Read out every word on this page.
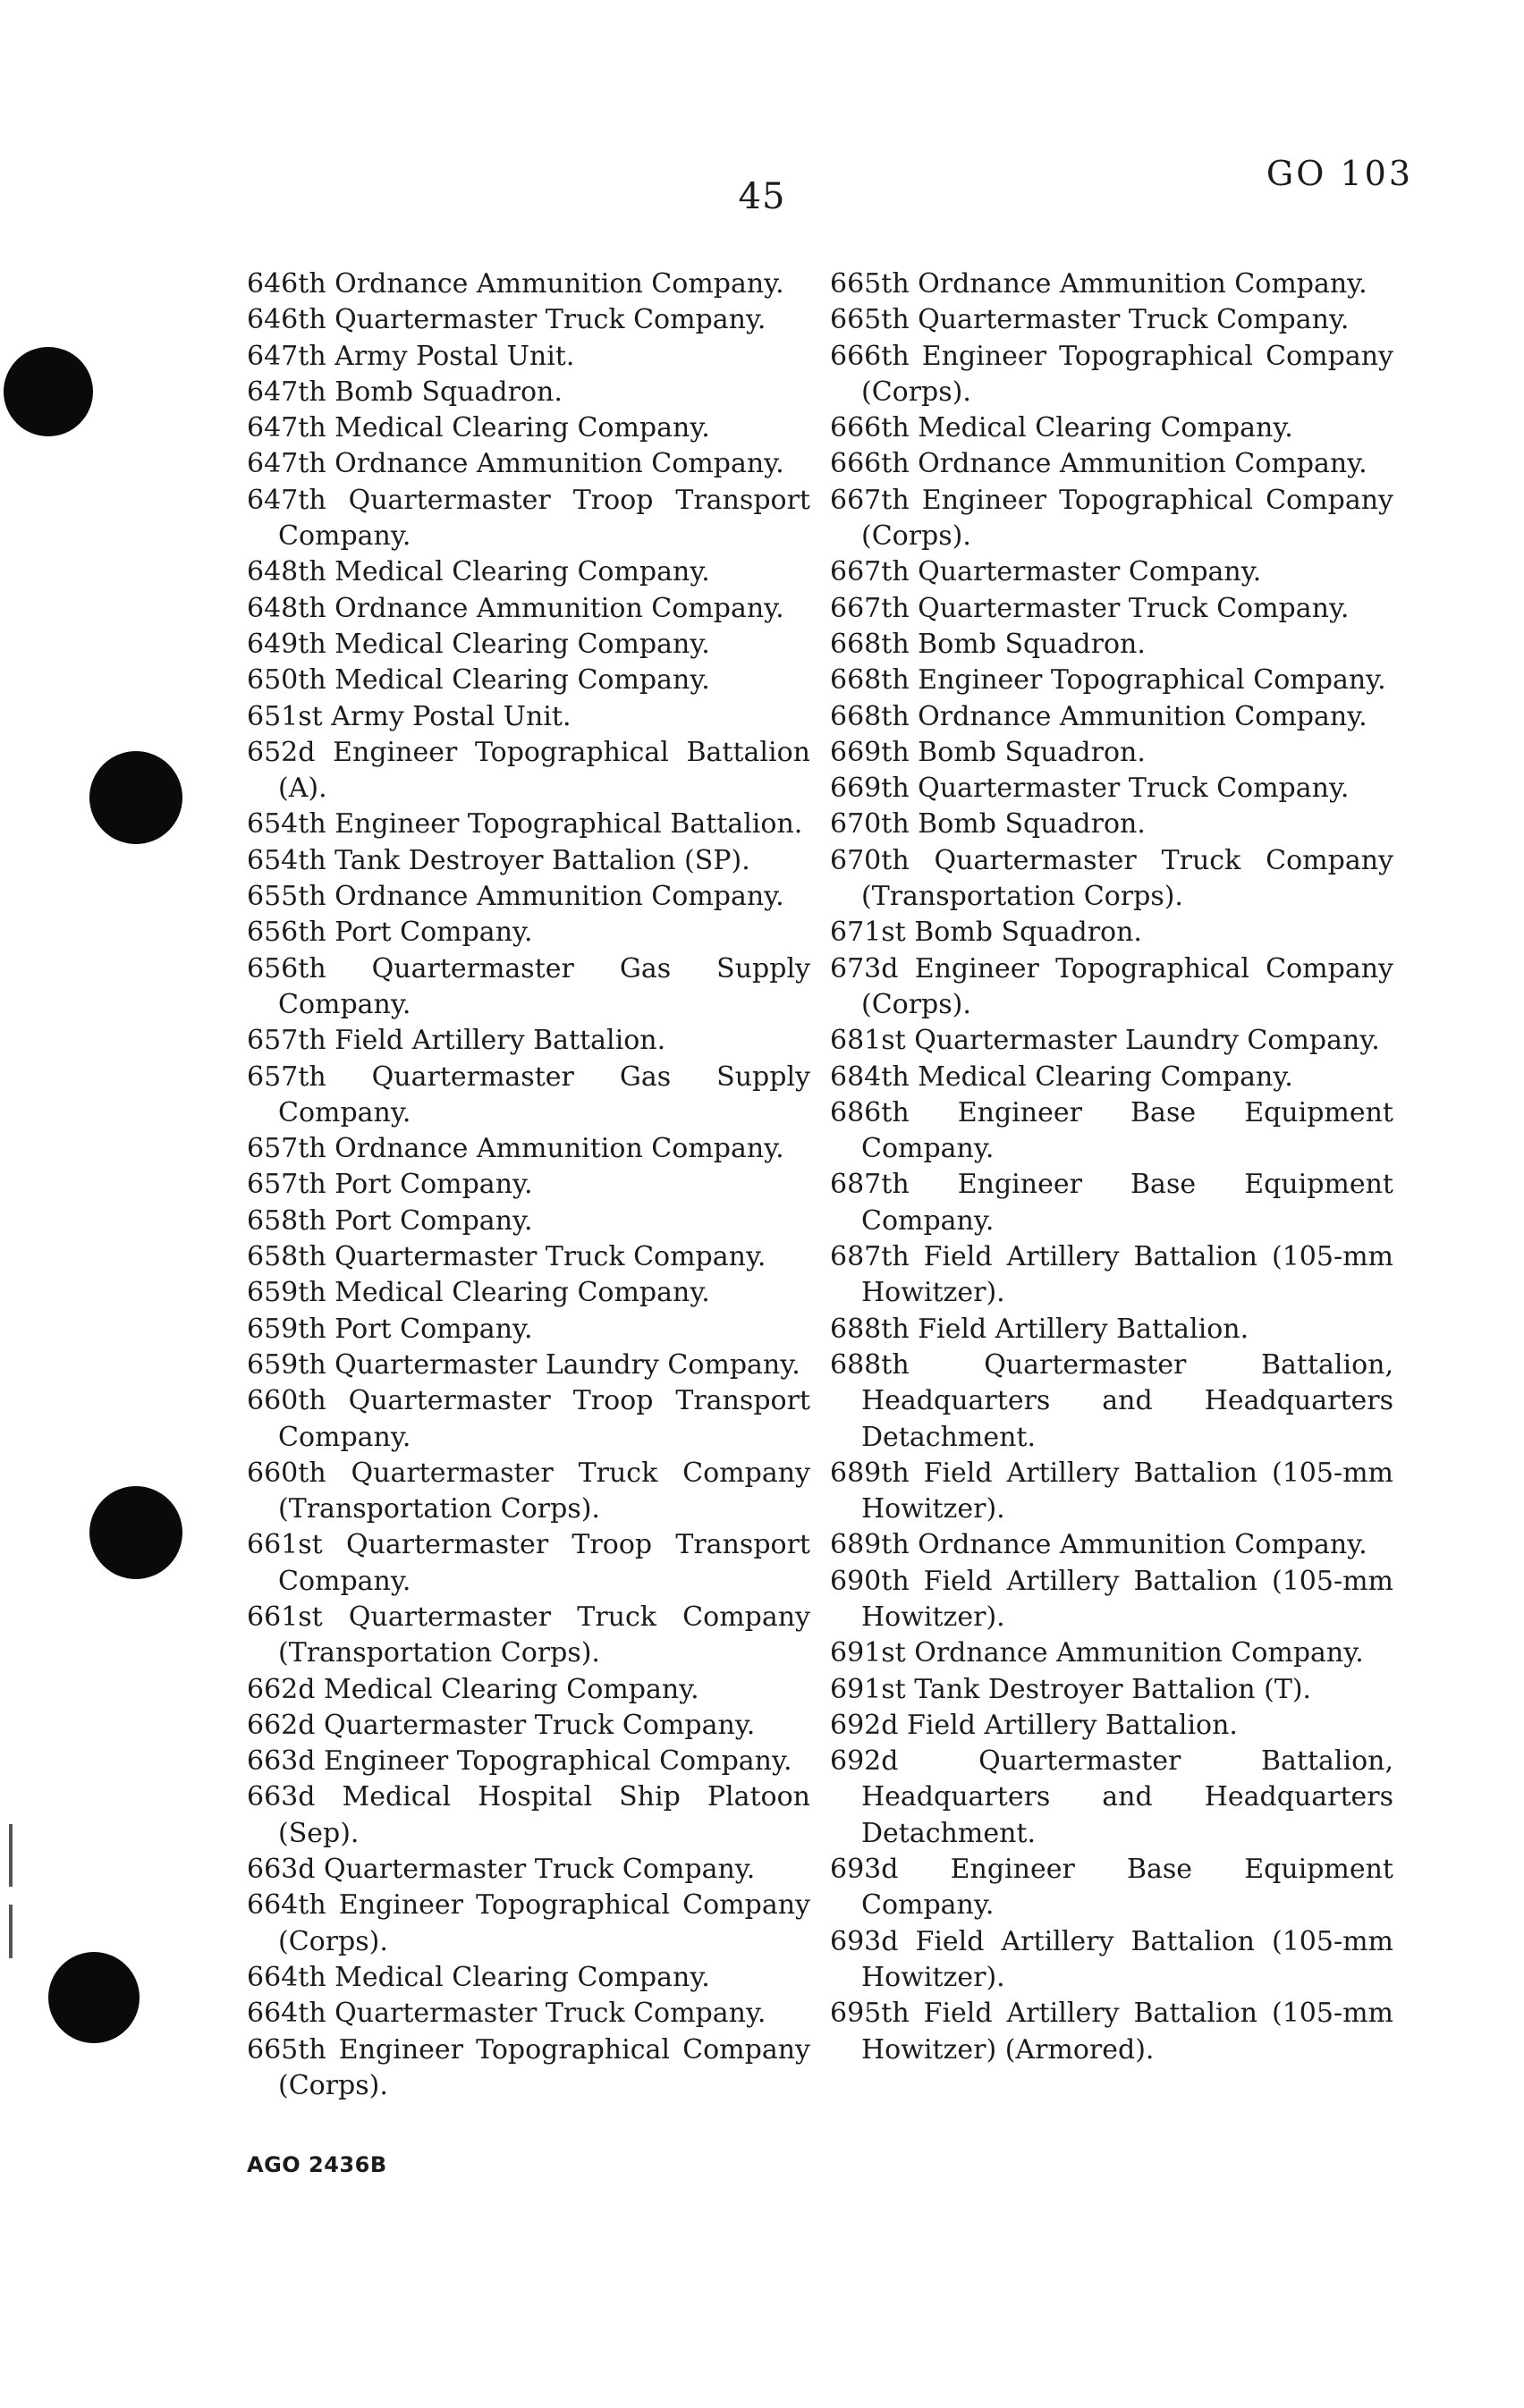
45
GO 103
646th Ordnance Ammunition Company.
646th Quartermaster Truck Company.
647th Army Postal Unit.
647th Bomb Squadron.
647th Medical Clearing Company.
647th Ordnance Ammunition Company.
647th Quartermaster Troop Transport Company.
648th Medical Clearing Company.
648th Ordnance Ammunition Company.
649th Medical Clearing Company.
650th Medical Clearing Company.
651st Army Postal Unit.
652d Engineer Topographical Battalion (A).
654th Engineer Topographical Battalion.
654th Tank Destroyer Battalion (SP).
655th Ordnance Ammunition Company.
656th Port Company.
656th Quartermaster Gas Supply Company.
657th Field Artillery Battalion.
657th Quartermaster Gas Supply Company.
657th Ordnance Ammunition Company.
657th Port Company.
658th Port Company.
658th Quartermaster Truck Company.
659th Medical Clearing Company.
659th Port Company.
659th Quartermaster Laundry Company.
660th Quartermaster Troop Transport Company.
660th Quartermaster Truck Company (Transportation Corps).
661st Quartermaster Troop Transport Company.
661st Quartermaster Truck Company (Transportation Corps).
662d Medical Clearing Company.
662d Quartermaster Truck Company.
663d Engineer Topographical Company.
663d Medical Hospital Ship Platoon (Sep).
663d Quartermaster Truck Company.
664th Engineer Topographical Company (Corps).
664th Medical Clearing Company.
664th Quartermaster Truck Company.
665th Engineer Topographical Company (Corps).
665th Ordnance Ammunition Company.
665th Quartermaster Truck Company.
666th Engineer Topographical Company (Corps).
666th Medical Clearing Company.
666th Ordnance Ammunition Company.
667th Engineer Topographical Company (Corps).
667th Quartermaster Company.
667th Quartermaster Truck Company.
668th Bomb Squadron.
668th Engineer Topographical Company.
668th Ordnance Ammunition Company.
669th Bomb Squadron.
669th Quartermaster Truck Company.
670th Bomb Squadron.
670th Quartermaster Truck Company (Transportation Corps).
671st Bomb Squadron.
673d Engineer Topographical Company (Corps).
681st Quartermaster Laundry Company.
684th Medical Clearing Company.
686th Engineer Base Equipment Company.
687th Engineer Base Equipment Company.
687th Field Artillery Battalion (105-mm Howitzer).
688th Field Artillery Battalion.
688th Quartermaster Battalion, Headquarters and Headquarters Detachment.
689th Field Artillery Battalion (105-mm Howitzer).
689th Ordnance Ammunition Company.
690th Field Artillery Battalion (105-mm Howitzer).
691st Ordnance Ammunition Company.
691st Tank Destroyer Battalion (T).
692d Field Artillery Battalion.
692d Quartermaster Battalion, Headquarters and Headquarters Detachment.
693d Engineer Base Equipment Company.
693d Field Artillery Battalion (105-mm Howitzer).
695th Field Artillery Battalion (105-mm Howitzer) (Armored).
AGO 2436B
